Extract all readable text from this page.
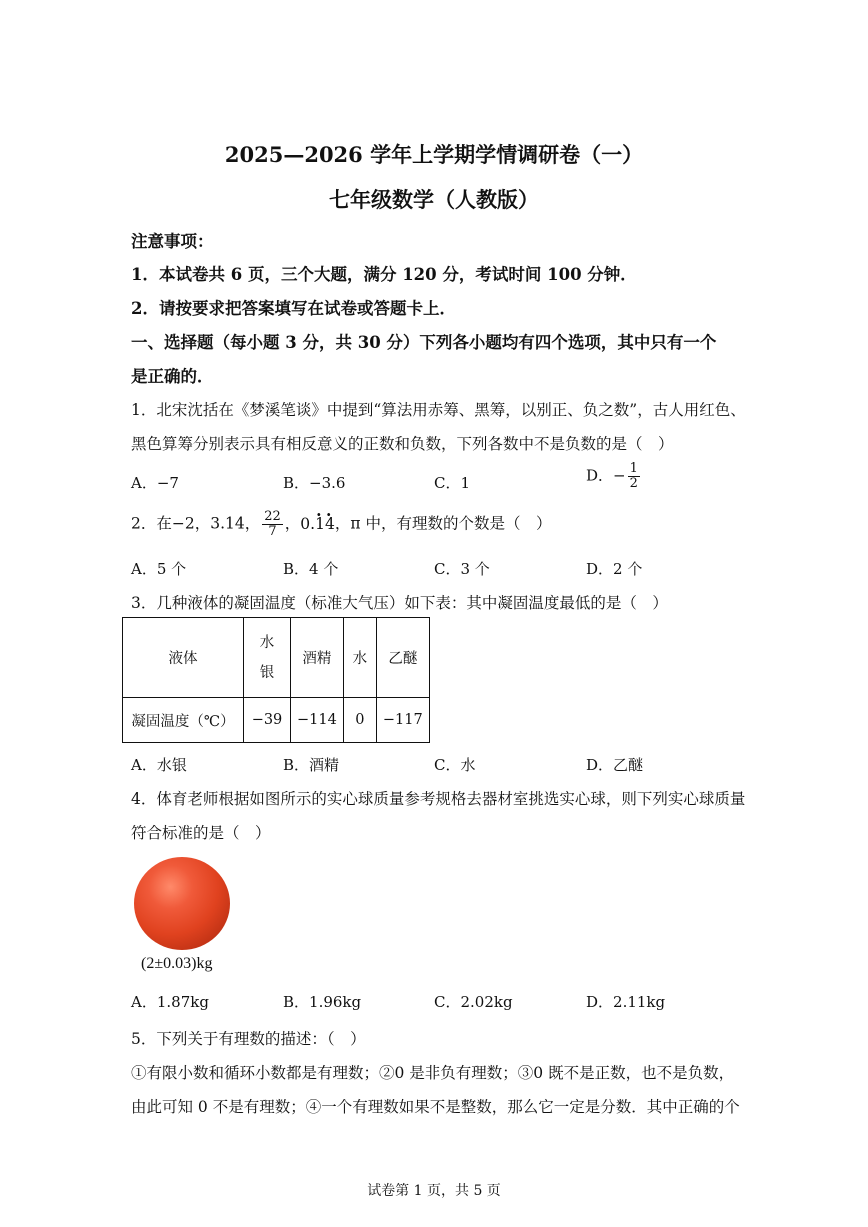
2025—2026 学年上学期学情调研卷（一）
七年级数学（人教版）
注意事项：
1．本试卷共 6 页，三个大题，满分 120 分，考试时间 100 分钟．
2．请按要求把答案填写在试卷或答题卡上．
一、选择题（每小题 3 分，共 30 分）下列各小题均有四个选项，其中只有一个
是正确的．
1．北宋沈括在《梦溪笔谈》中提到“算法用赤筹、黑筹，以别正、负之数”，古人用红色、
黑色算筹分别表示具有相反意义的正数和负数，下列各数中不是负数的是（　）
A．−7	B．−3.6	C．1	D．− $\frac{1}{2}$
2．在−2，3.14， $\frac{22}{7}$ ，0.· 1· 4，π 中，有理数的个数是（　）
A．5 个	B．4 个	C．3 个	D．2 个
3．几种液体的凝固温度（标准大气压）如下表：其中凝固温度最低的是（　）
液体	水银	酒精	水	乙醚
凝固温度（℃）	−39	−114	0	−117
A．水银	B．酒精	C．水	D．乙醚
4．体育老师根据如图所示的实心球质量参考规格去器材室挑选实心球，则下列实心球质量
符合标准的是（　）
(2±0.03)kg
A．1.87kg	B．1.96kg	C．2.02kg	D．2.11kg
5．下列关于有理数的描述：（　）
①有限小数和循环小数都是有理数；②0 是非负有理数；③0 既不是正数，也不是负数，
由此可知 0 不是有理数；④一个有理数如果不是整数，那么它一定是分数．其中正确的个
试卷第 1 页，共 5 页
